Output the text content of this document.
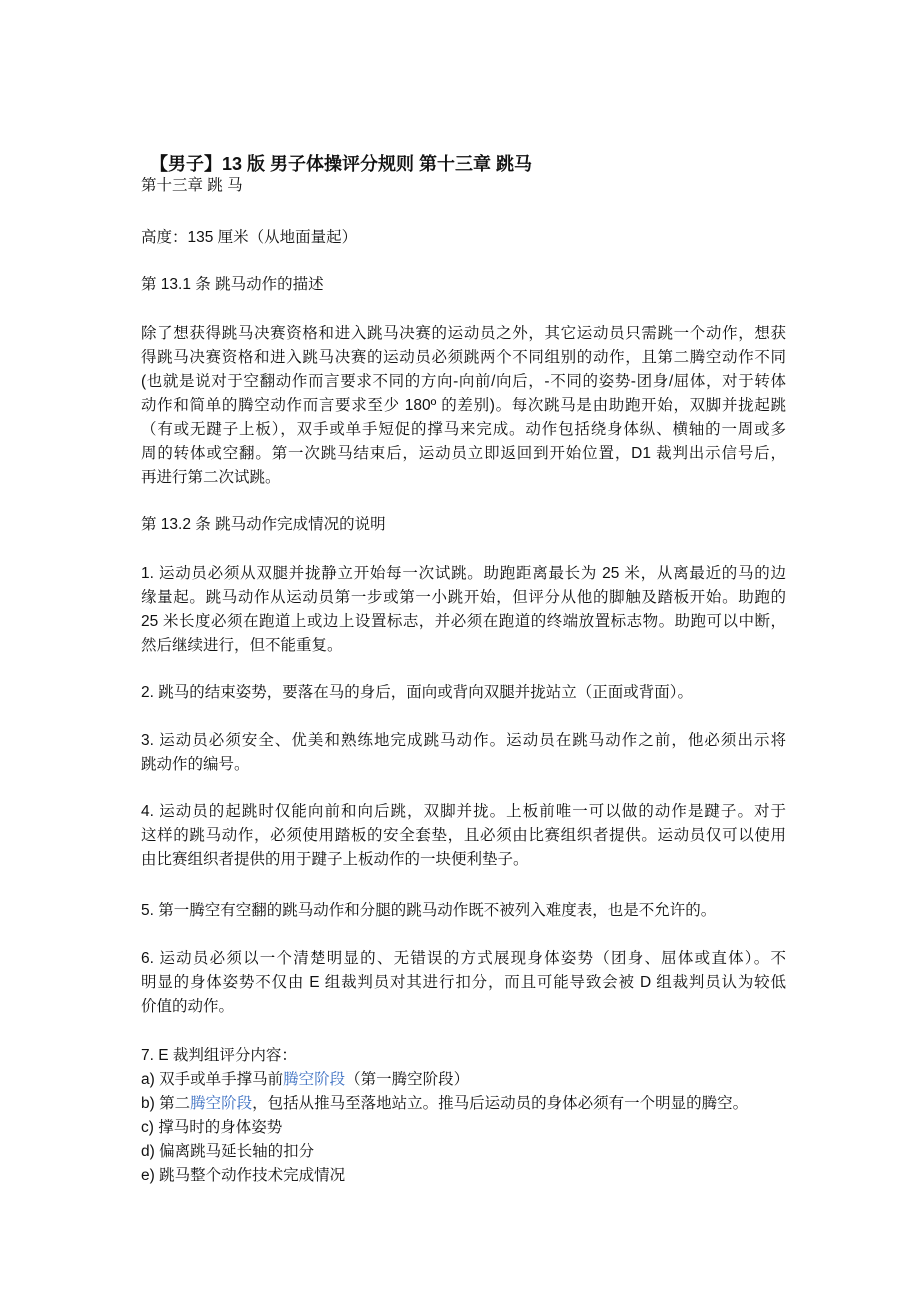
【男子】13 版 男子体操评分规则 第十三章 跳马
第十三章 跳 马
高度：135 厘米（从地面量起）
第 13.1 条 跳马动作的描述
除了想获得跳马决赛资格和进入跳马决赛的运动员之外，其它运动员只需跳一个动作，想获
得跳马决赛资格和进入跳马决赛的运动员必须跳两个不同组别的动作，且第二腾空动作不同
(也就是说对于空翻动作而言要求不同的方向-向前/向后，-不同的姿势-团身/屈体，对于转体
动作和简单的腾空动作而言要求至少 180º 的差别)。每次跳马是由助跑开始，双脚并拢起跳
（有或无踺子上板），双手或单手短促的撑马来完成。动作包括绕身体纵、横轴的一周或多
周的转体或空翻。第一次跳马结束后，运动员立即返回到开始位置，D1 裁判出示信号后，
再进行第二次试跳。
第 13.2 条 跳马动作完成情况的说明
1. 运动员必须从双腿并拢静立开始每一次试跳。助跑距离最长为 25 米，从离最近的马的边
缘量起。跳马动作从运动员第一步或第一小跳开始，但评分从他的脚触及踏板开始。助跑的
25 米长度必须在跑道上或边上设置标志，并必须在跑道的终端放置标志物。助跑可以中断，
然后继续进行，但不能重复。
2. 跳马的结束姿势，要落在马的身后，面向或背向双腿并拢站立（正面或背面）。
3. 运动员必须安全、优美和熟练地完成跳马动作。运动员在跳马动作之前，他必须出示将
跳动作的编号。
4. 运动员的起跳时仅能向前和向后跳，双脚并拢。上板前唯一可以做的动作是踺子。对于
这样的跳马动作，必须使用踏板的安全套垫，且必须由比赛组织者提供。运动员仅可以使用
由比赛组织者提供的用于踺子上板动作的一块便利垫子。
5. 第一腾空有空翻的跳马动作和分腿的跳马动作既不被列入难度表，也是不允许的。
6. 运动员必须以一个清楚明显的、无错误的方式展现身体姿势（团身、屈体或直体）。不
明显的身体姿势不仅由 E 组裁判员对其进行扣分，而且可能导致会被 D 组裁判员认为较低
价值的动作。
7. E 裁判组评分内容：
a) 双手或单手撑马前腾空阶段（第一腾空阶段）
b) 第二腾空阶段，包括从推马至落地站立。推马后运动员的身体必须有一个明显的腾空。
c) 撑马时的身体姿势
d) 偏离跳马延长轴的扣分
e) 跳马整个动作技术完成情况
